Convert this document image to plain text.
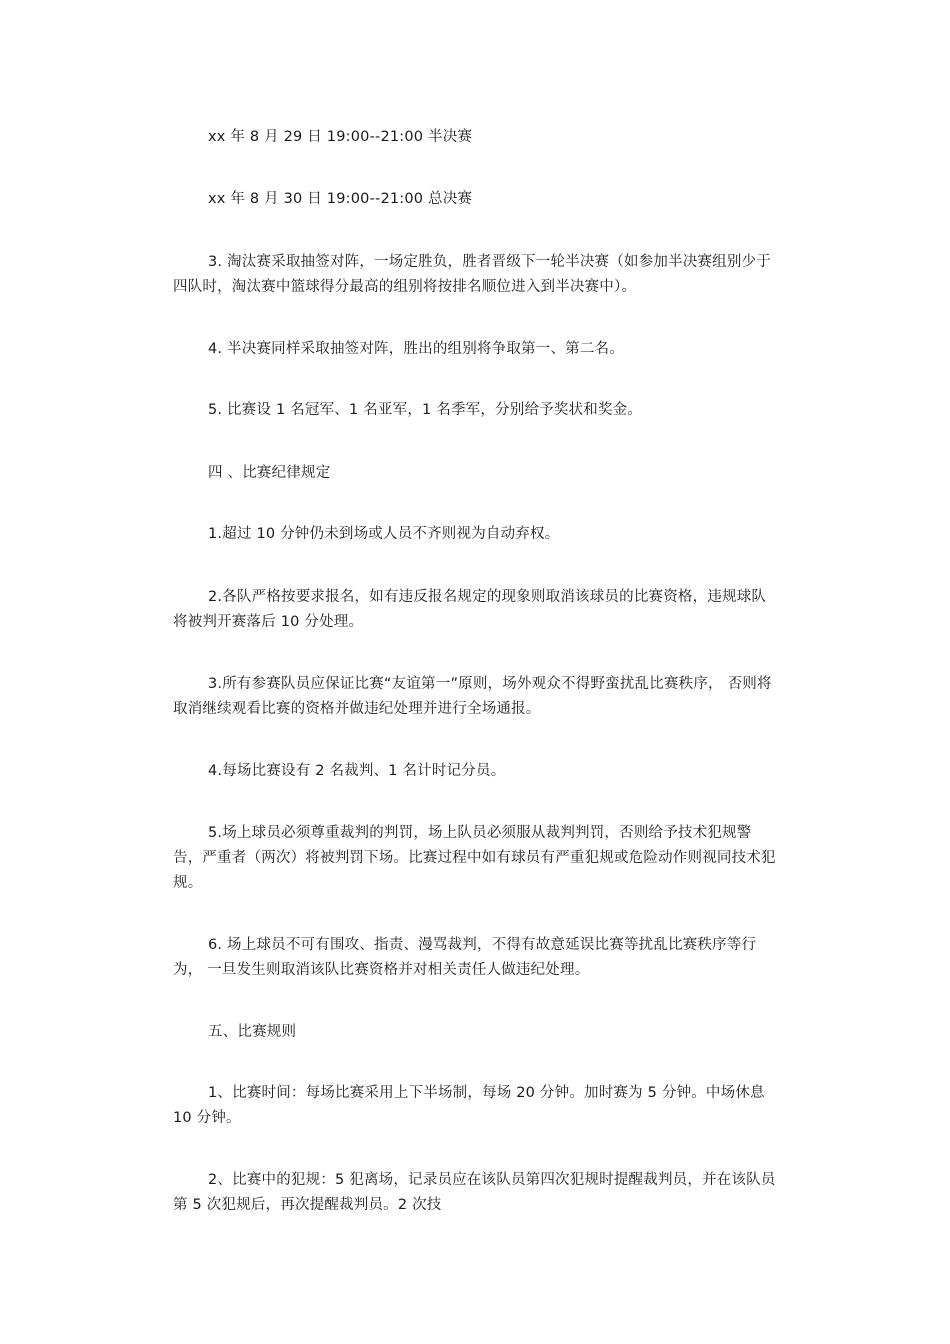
xx 年 8 月 29 日 19:00--21:00 半决赛

xx 年 8 月 30 日 19:00--21:00 总决赛

3. 淘汰赛采取抽签对阵，一场定胜负，胜者晋级下一轮半决赛（如参加半决赛组别少于四队时，淘汰赛中篮球得分最高的组别将按排名顺位进入到半决赛中）。

4. 半决赛同样采取抽签对阵，胜出的组别将争取第一、第二名。

5. 比赛设 1 名冠军、1 名亚军，1 名季军，分别给予奖状和奖金。

四 、比赛纪律规定

1.超过 10 分钟仍未到场或人员不齐则视为自动弃权。

2.各队严格按要求报名，如有违反报名规定的现象则取消该球员的比赛资格，违规球队将被判开赛落后 10 分处理。

3.所有参赛队员应保证比赛“友谊第一”原则，场外观众不得野蛮扰乱比赛秩序， 否则将取消继续观看比赛的资格并做违纪处理并进行全场通报。

4.每场比赛设有 2 名裁判、1 名计时记分员。

5.场上球员必须尊重裁判的判罚，场上队员必须服从裁判判罚，否则给予技术犯规警告，严重者（两次）将被判罚下场。比赛过程中如有球员有严重犯规或危险动作则视同技术犯规。

6. 场上球员不可有围攻、指责、漫骂裁判，不得有故意延误比赛等扰乱比赛秩序等行为， 一旦发生则取消该队比赛资格并对相关责任人做违纪处理。

五、比赛规则

1、比赛时间：每场比赛采用上下半场制，每场 20 分钟。加时赛为 5 分钟。中场休息 10 分钟。

2、比赛中的犯规：5 犯离场，记录员应在该队员第四次犯规时提醒裁判员，并在该队员第 5 次犯规后，再次提醒裁判员。2 次技
